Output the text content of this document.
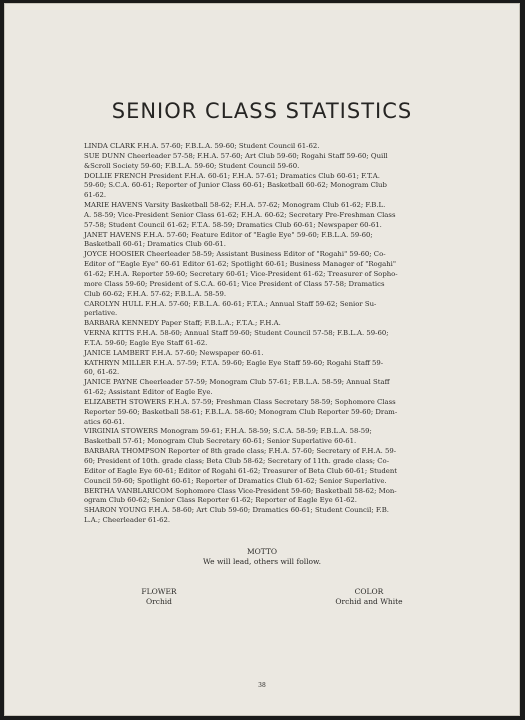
SENIOR CLASS STATISTICS

LINDA CLARK F.H.A. 57-60; F.B.L.A. 59-60; Student Council 61-62.

SUE DUNN Cheerleader 57-58; F.H.A. 57-60; Art Club 59-60; Rogahi Staff 59-60; Quill

&Scroll Society 59-60; F.B.L.A. 59-60; Student Council 59-60.

DOLLIE FRENCH President F.H.A. 60-61; F.H.A. 57-61; Dramatics Club 60-61; F.T.A.

59-60; S.C.A. 60-61; Reporter of Junior Class 60-61; Basketball 60-62; Monogram Club

61-62.

MARIE HAVENS Varsity Basketball 58-62; F.H.A. 57-62; Monogram Club 61-62; F.B.L.

A. 58-59; Vice-President Senior Class 61-62; F.H.A. 60-62; Secretary Pre-Freshman Class

57-58; Student Council 61-62; F.T.A. 58-59; Dramatics Club 60-61; Newspaper 60-61.

JANET HAVENS F.H.A. 57-60; Feature Editor of "Eagle Eye" 59-60; F.B.L.A. 59-60;

Basketball 60-61; Dramatics Club 60-61.

JOYCE HOOSIER Cheerleader 58-59; Assistant Business Editor of "Rogahi" 59-60; Co-

Editor of "Eagle Eye" 60-61 Editor 61-62; Spotlight 60-61; Business Manager of "Rogahi"

61-62; F.H.A. Reporter 59-60; Secretary 60-61; Vice-President 61-62; Treasurer of Sopho-

more Class 59-60; President of S.C.A. 60-61; Vice President of Class 57-58; Dramatics

Club 60-62; F.H.A. 57-62; F.B.L.A. 58-59.

CAROLYN HULL F.H.A. 57-60; F.B.L.A. 60-61; F.T.A.; Annual Staff 59-62; Senior Su-

perlative.

BARBARA KENNEDY Paper Staff; F.B.L.A.; F.T.A.; F.H.A.

VERNA KITTS F.H.A. 58-60; Annual Staff 59-60; Student Council 57-58; F.B.L.A. 59-60;

F.T.A. 59-60; Eagle Eye Staff 61-62.

JANICE LAMBERT F.H.A. 57-60; Newspaper 60-61.

KATHRYN MILLER F.H.A. 57-59; F.T.A. 59-60; Eagle Eye Staff 59-60; Rogahi Staff 59-

60, 61-62.

JANICE PAYNE Cheerleader 57-59; Monogram Club 57-61; F.B.L.A. 58-59; Annual Staff

61-62; Assistant Editor of Eagle Eye.

ELIZABETH STOWERS F.H.A. 57-59; Freshman Class Secretary 58-59; Sophomore Class

Reporter 59-60; Basketball 58-61; F.B.L.A. 58-60; Monogram Club Reporter 59-60; Dram-

atics 60-61.

VIRGINIA STOWERS Monogram 59-61; F.H.A. 58-59; S.C.A. 58-59; F.B.L.A. 58-59;

Basketball 57-61; Monogram Club Secretary 60-61; Senior Superlative 60-61.

BARBARA THOMPSON Reporter of 8th grade class; F.H.A. 57-60; Secretary of F.H.A. 59-

60; President of 10th. grade class; Beta Club 58-62; Secretary of 11th. grade class; Co-

Editor of Eagle Eye 60-61; Editor of Rogahi 61-62; Treasurer of Beta Club 60-61; Student

Council 59-60; Spotlight 60-61; Reporter of Dramatics Club 61-62; Senior Superlative.

BERTHA VANBLARICOM Sophomore Class Vice-President 59-60; Basketball 58-62; Mon-

ogram Club 60-62; Senior Class Reporter 61-62; Reporter of Eagle Eye 61-62.

SHARON YOUNG F.H.A. 58-60; Art Club 59-60; Dramatics 60-61; Student Council; F.B.

L.A.; Cheerleader 61-62.

MOTTO
We will lead, others will follow.
FLOWER
Orchid
COLOR
Orchid and White
38
